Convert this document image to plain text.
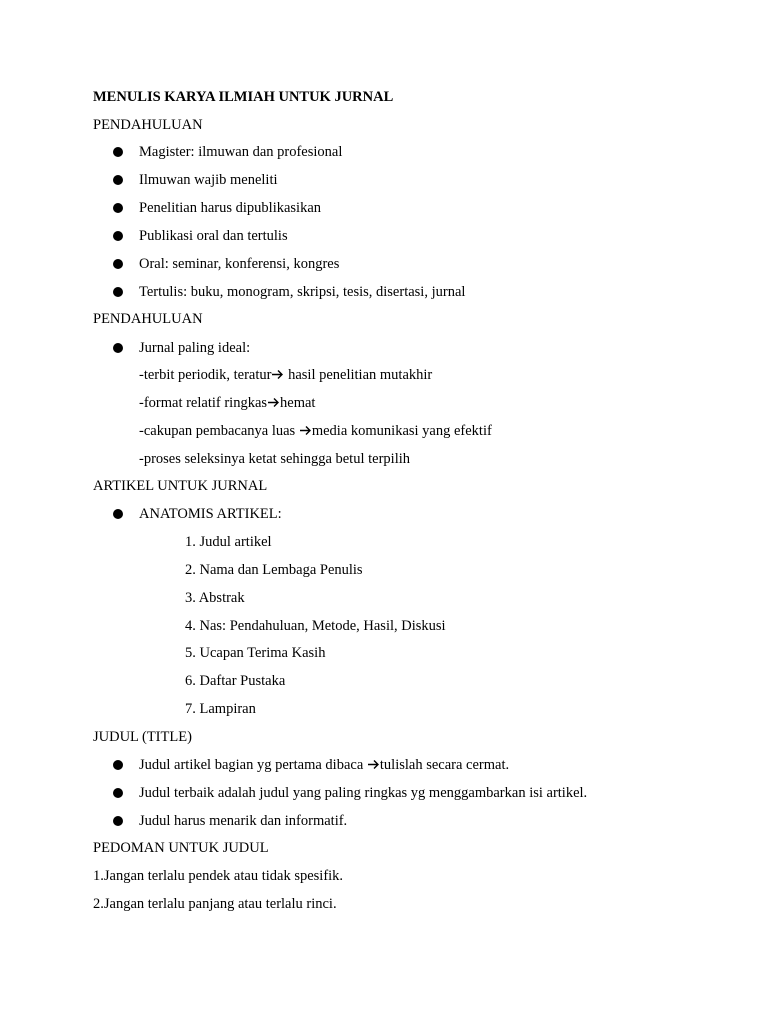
MENULIS KARYA ILMIAH UNTUK JURNAL
PENDAHULUAN
Magister: ilmuwan dan profesional
Ilmuwan wajib meneliti
Penelitian harus dipublikasikan
Publikasi oral dan tertulis
Oral: seminar, konferensi, kongres
Tertulis: buku, monogram, skripsi, tesis, disertasi, jurnal
PENDAHULUAN
Jurnal paling ideal:
-terbit periodik, teratur hasil penelitian mutakhir
-format relatif ringkas hemat
-cakupan pembacanya luas media komunikasi yang efektif
-proses seleksinya ketat sehingga betul terpilih
ARTIKEL UNTUK JURNAL
ANATOMIS ARTIKEL:
1. Judul artikel
2. Nama dan Lembaga Penulis
3. Abstrak
4. Nas: Pendahuluan, Metode, Hasil, Diskusi
5. Ucapan Terima Kasih
6. Daftar Pustaka
7. Lampiran
JUDUL (TITLE)
Judul artikel bagian yg pertama dibaca tulislah secara cermat.
Judul terbaik adalah judul yang paling ringkas yg menggambarkan isi artikel.
Judul harus menarik dan informatif.
PEDOMAN UNTUK JUDUL
1.Jangan terlalu pendek atau tidak spesifik.
2.Jangan terlalu panjang atau terlalu rinci.
